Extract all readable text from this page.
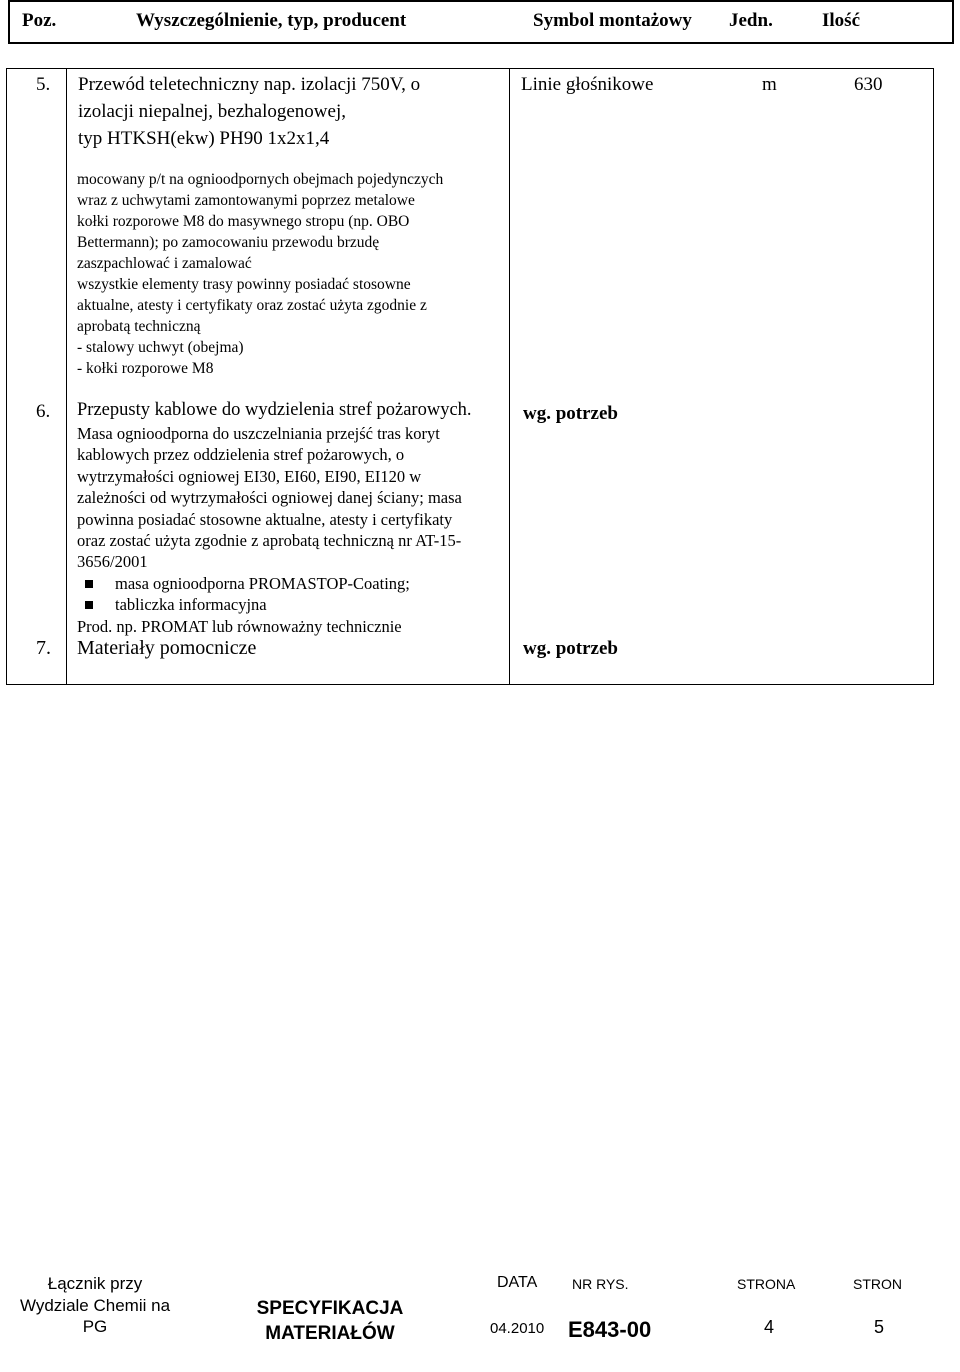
Poz.	Wyszczególnienie, typ, producent	Symbol montażowy Jedn.	Ilość
5. Przewód teletechniczny nap. izolacji 750V, o
izolacji niepalnej, bezhalogenowej,
typ HTKSH(ekw) PH90 1x2x1,4
Linie głośnikowe	m	630
mocowany p/t na ognioodpornych obejmach pojedynczych
wraz z uchwytami zamontowanymi poprzez metalowe
kołki rozporowe M8 do masywnego stropu (np. OBO
Bettermann); po zamocowaniu przewodu brzudę
zaszpachlować i zamalować
wszystkie elementy trasy powinny posiadać stosowne
aktualne, atesty i certyfikaty oraz zostać użyta zgodnie z
aprobatą techniczną
- stalowy uchwyt (obejma)
- kołki rozporowe M8
6. Przepusty kablowe do wydzielenia stref pożarowych.	wg. potrzeb
Masa ognioodporna do uszczelniania przejść tras koryt
kablowych przez oddzielenia stref pożarowych, o
wytrzymałości ogniowej EI30, EI60, EI90, EI120 w
zależności od wytrzymałości ogniowej danej ściany; masa
powinna posiadać stosowne aktualne, atesty i certyfikaty
oraz zostać użyta zgodnie z aprobatą techniczną nr AT-15-
3656/2001
masa ognioodporna PROMASTOP-Coating;
tabliczka informacyjna
Prod. np. PROMAT lub równoważny technicznie
7. Materiały pomocnicze	wg. potrzeb
Łącznik przy
Wydziale Chemii na
PG
SPECYFIKACJA
MATERIAŁÓW
DATA
04.2010
NR RYS.
E843-00
STRONA
4
STRON
5
